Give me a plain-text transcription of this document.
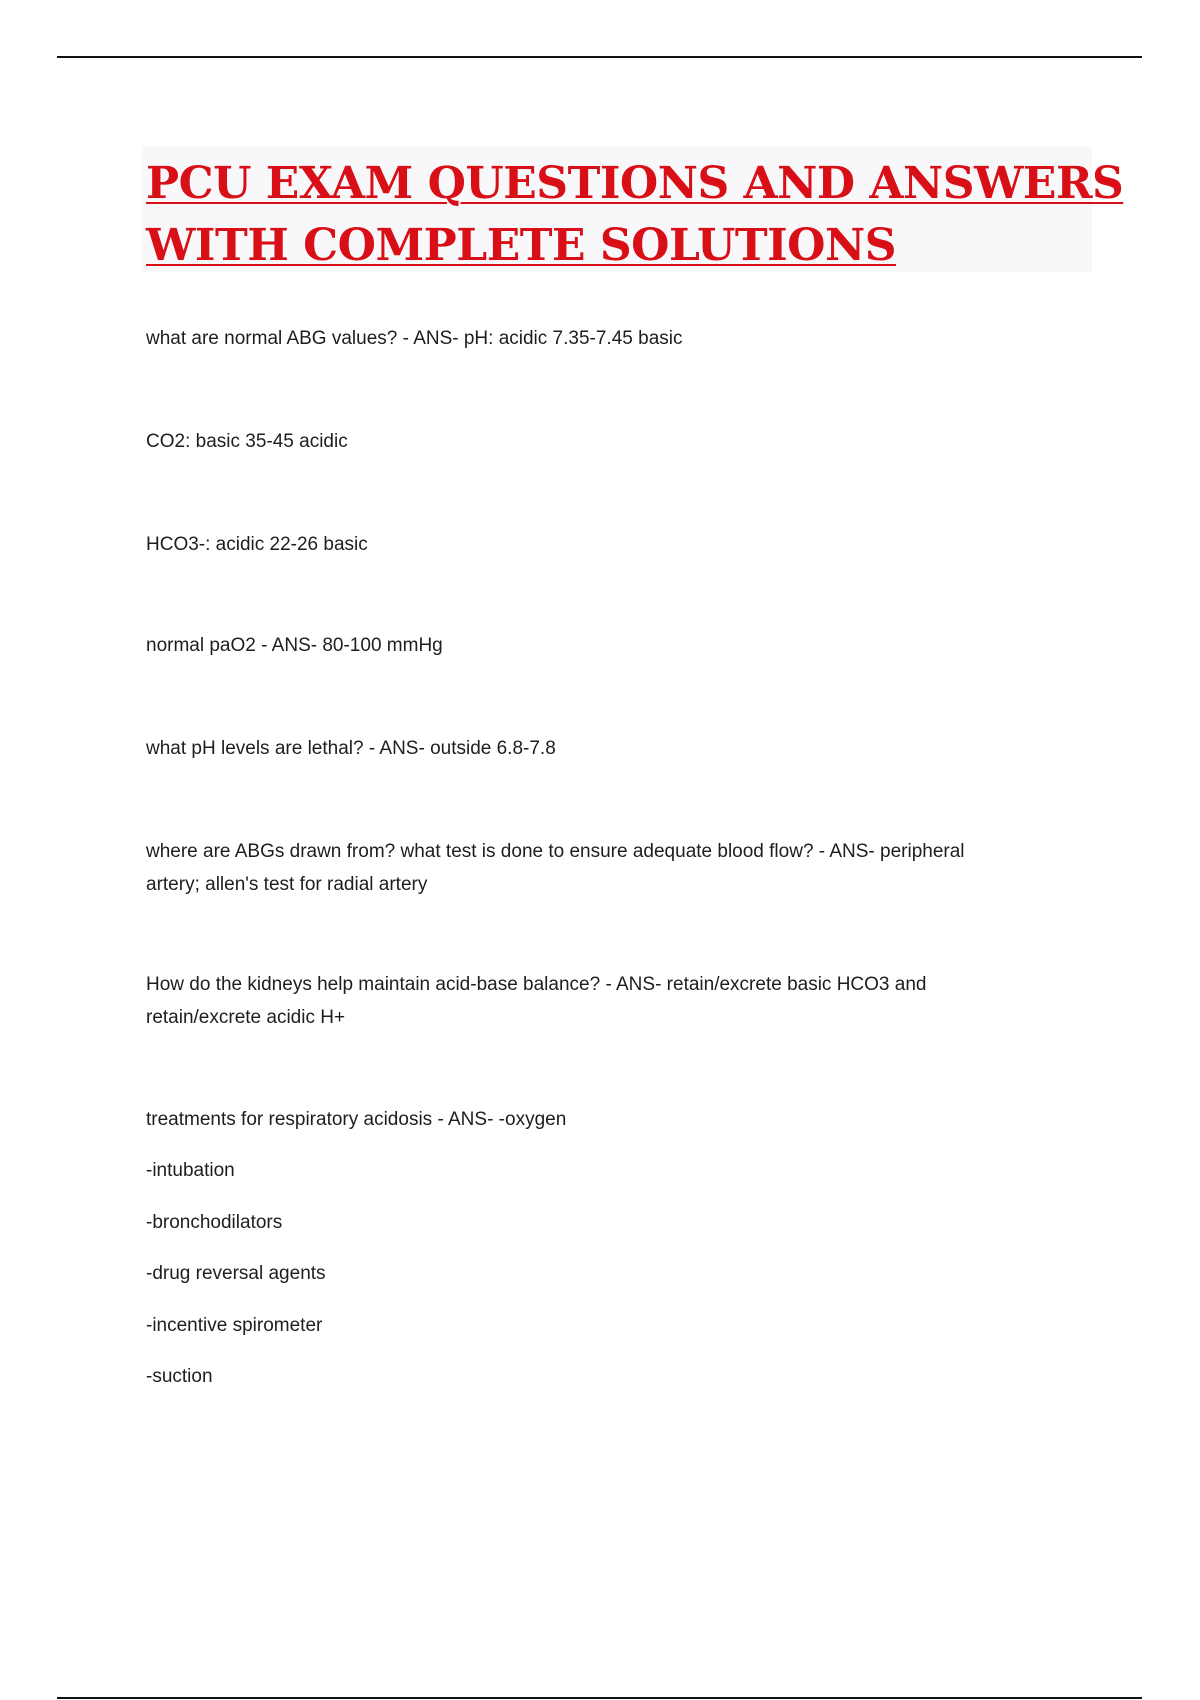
PCU EXAM QUESTIONS AND ANSWERS
WITH COMPLETE SOLUTIONS
what are normal ABG values? - ANS- pH: acidic 7.35-7.45 basic
CO2: basic 35-45 acidic
HCO3-: acidic 22-26 basic
normal paO2 - ANS- 80-100 mmHg
what pH levels are lethal? - ANS- outside 6.8-7.8
where are ABGs drawn from? what test is done to ensure adequate blood flow? - ANS- peripheral
artery; allen's test for radial artery
How do the kidneys help maintain acid-base balance? - ANS- retain/excrete basic HCO3 and
retain/excrete acidic H+
treatments for respiratory acidosis - ANS- -oxygen
-intubation
-bronchodilators
-drug reversal agents
-incentive spirometer
-suction
